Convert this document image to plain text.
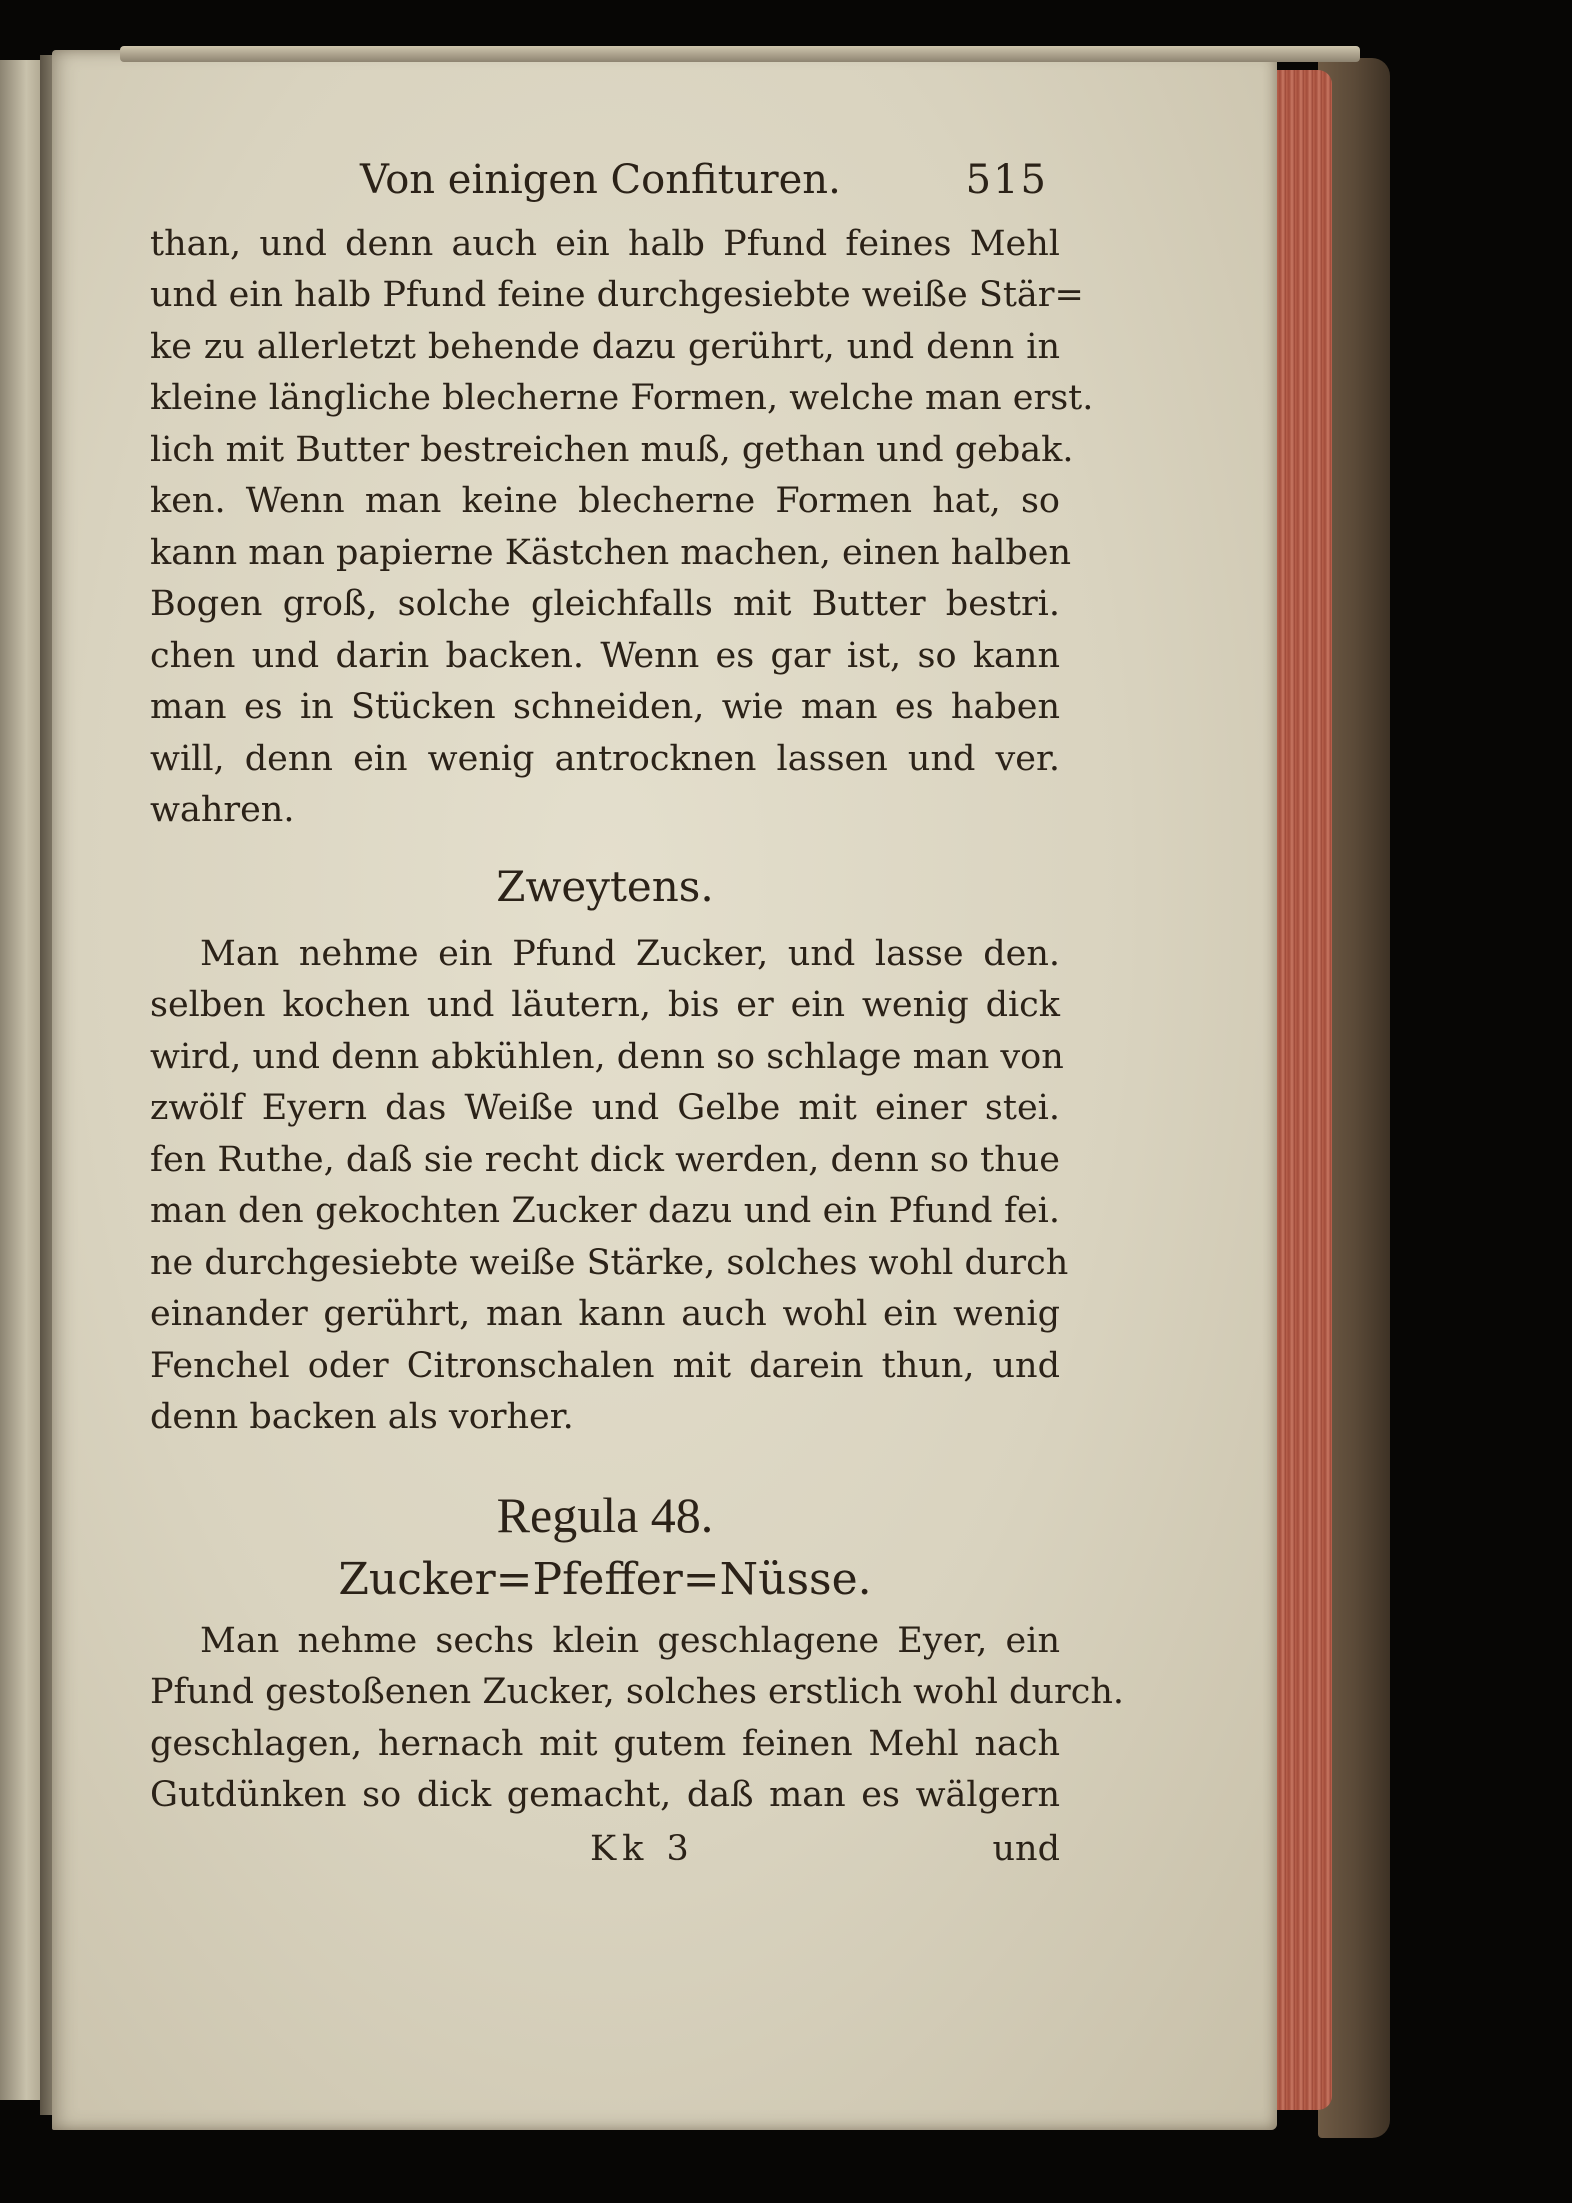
Von einigen Confituren.	515
than, und denn auch ein halb Pfund feines Mehl
und ein halb Pfund feine durchgesiebte weiße Stär=
ke zu allerletzt behende dazu gerührt, und denn in
kleine längliche blecherne Formen, welche man erst.
lich mit Butter bestreichen muß, gethan und gebak.
ken. Wenn man keine blecherne Formen hat, so
kann man papierne Kästchen machen, einen halben
Bogen groß, solche gleichfalls mit Butter bestri.
chen und darin backen. Wenn es gar ist, so kann
man es in Stücken schneiden, wie man es haben
will, denn ein wenig antrocknen lassen und ver.
wahren.
Zweytens.
Man nehme ein Pfund Zucker, und lasse den.
selben kochen und läutern, bis er ein wenig dick
wird, und denn abkühlen, denn so schlage man von
zwölf Eyern das Weiße und Gelbe mit einer stei.
fen Ruthe, daß sie recht dick werden, denn so thue
man den gekochten Zucker dazu und ein Pfund fei.
ne durchgesiebte weiße Stärke, solches wohl durch
einander gerührt, man kann auch wohl ein wenig
Fenchel oder Citronschalen mit darein thun, und
denn backen als vorher.
Regula 48.
Zucker=Pfeffer=Nüsse.
Man nehme sechs klein geschlagene Eyer, ein
Pfund gestoßenen Zucker, solches erstlich wohl durch.
geschlagen, hernach mit gutem feinen Mehl nach
Gutdünken so dick gemacht, daß man es wälgern
Kk 3	und
